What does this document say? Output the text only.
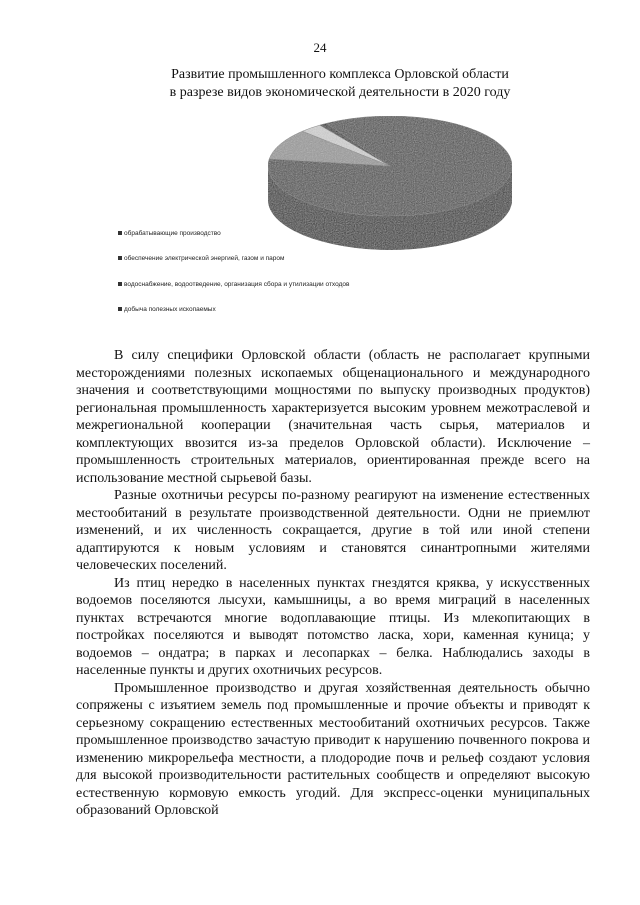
24
Развитие промышленного комплекса Орловской области
в разрезе видов экономической деятельности в 2020 году
обрабатывающие производство
обеспечение электрической энергией, газом и паром
водоснабжение, водоотведение, организация сбора и утилизации отходов
добыча полезных ископаемых

В силу специфики Орловской области (область не располагает крупными месторождениями полезных ископаемых общенационального и международного значения и соответствующими мощностями по выпуску производных продуктов) региональная промышленность характеризуется высоким уровнем межотраслевой и межрегиональной кооперации (значительная часть сырья, материалов и комплектующих ввозится из-за пределов Орловской области). Исключение – промышленность строительных материалов, ориентированная прежде всего на использование местной сырьевой базы.

Разные охотничьи ресурсы по-разному реагируют на изменение естественных местообитаний в результате производственной деятельности. Одни не приемлют изменений, и их численность сокращается, другие в той или иной степени адаптируются к новым условиям и становятся синантропными жителями человеческих поселений.

Из птиц нередко в населенных пунктах гнездятся кряква, у искусственных водоемов поселяются лысухи, камышницы, а во время миграций в населенных пунктах встречаются многие водоплавающие птицы. Из млекопитающих в постройках поселяются и выводят потомство ласка, хори, каменная куница; у водоемов – ондатра; в парках и лесопарках – белка. Наблюдались заходы в населенные пункты и других охотничьих ресурсов.

Промышленное производство и другая хозяйственная деятельность обычно сопряжены с изъятием земель под промышленные и прочие объекты и приводят к серьезному сокращению естественных местообитаний охотничьих ресурсов. Также промышленное производство зачастую приводит к нарушению почвенного покрова и изменению микрорельефа местности, а плодородие почв и рельеф создают условия для высокой производительности растительных сообществ и определяют высокую естественную кормовую емкость угодий. Для экспресс-оценки муниципальных образований Орловской
